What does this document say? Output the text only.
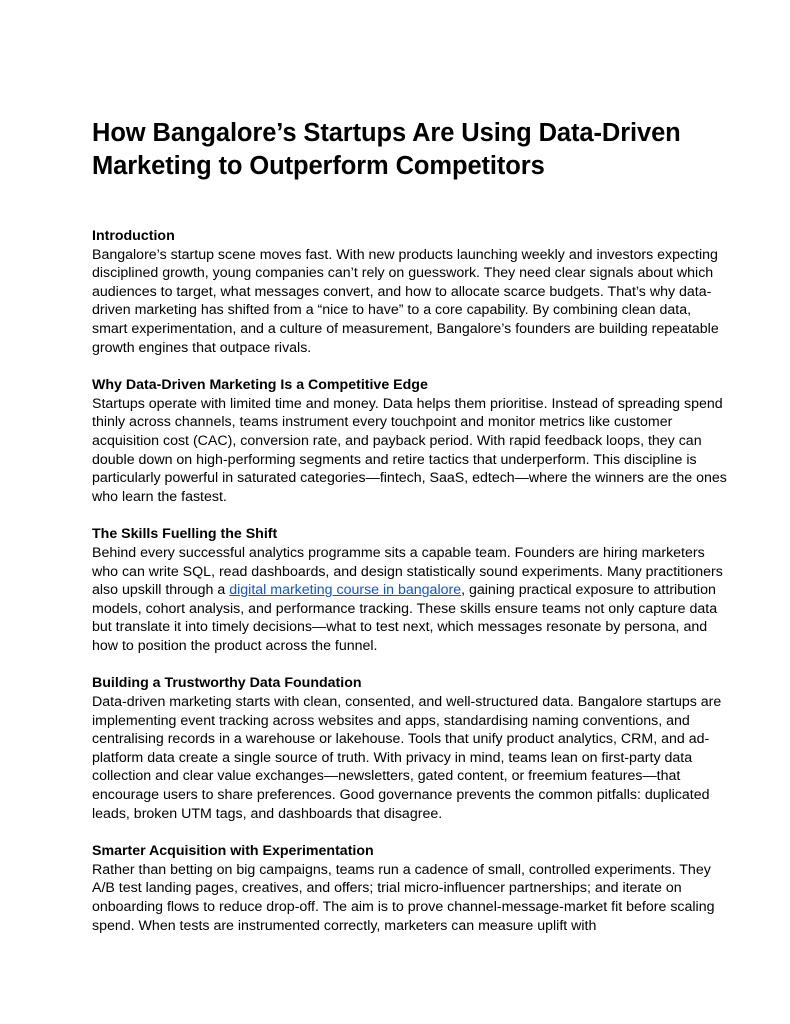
How Bangalore’s Startups Are Using Data-Driven Marketing to Outperform Competitors

Introduction
Bangalore’s startup scene moves fast. With new products launching weekly and investors expecting disciplined growth, young companies can’t rely on guesswork. They need clear signals about which audiences to target, what messages convert, and how to allocate scarce budgets. That’s why data-driven marketing has shifted from a “nice to have” to a core capability. By combining clean data, smart experimentation, and a culture of measurement, Bangalore’s founders are building repeatable growth engines that outpace rivals.

Why Data-Driven Marketing Is a Competitive Edge
Startups operate with limited time and money. Data helps them prioritise. Instead of spreading spend thinly across channels, teams instrument every touchpoint and monitor metrics like customer acquisition cost (CAC), conversion rate, and payback period. With rapid feedback loops, they can double down on high-performing segments and retire tactics that underperform. This discipline is particularly powerful in saturated categories—fintech, SaaS, edtech—where the winners are the ones who learn the fastest.

The Skills Fuelling the Shift
Behind every successful analytics programme sits a capable team. Founders are hiring marketers who can write SQL, read dashboards, and design statistically sound experiments. Many practitioners also upskill through a digital marketing course in bangalore, gaining practical exposure to attribution models, cohort analysis, and performance tracking. These skills ensure teams not only capture data but translate it into timely decisions—what to test next, which messages resonate by persona, and how to position the product across the funnel.

Building a Trustworthy Data Foundation
Data-driven marketing starts with clean, consented, and well-structured data. Bangalore startups are implementing event tracking across websites and apps, standardising naming conventions, and centralising records in a warehouse or lakehouse. Tools that unify product analytics, CRM, and ad-platform data create a single source of truth. With privacy in mind, teams lean on first‑party data collection and clear value exchanges—newsletters, gated content, or freemium features—that encourage users to share preferences. Good governance prevents the common pitfalls: duplicated leads, broken UTM tags, and dashboards that disagree.

Smarter Acquisition with Experimentation
Rather than betting on big campaigns, teams run a cadence of small, controlled experiments. They A/B test landing pages, creatives, and offers; trial micro‑influencer partnerships; and iterate on onboarding flows to reduce drop‑off. The aim is to prove channel‑message‑market fit before scaling spend. When tests are instrumented correctly, marketers can measure uplift with
